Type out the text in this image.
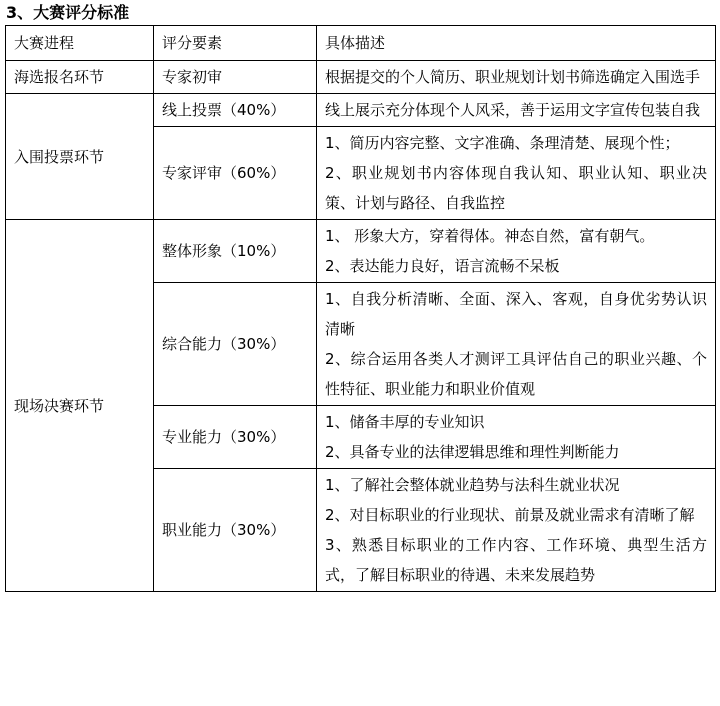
3、大赛评分标准
大赛进程	评分要素	具体描述
海选报名环节	专家初审	根据提交的个人简历、职业规划计划书筛选确定入围选手

入围投票环节	线上投票（40%）	线上展示充分体现个人风采，善于运用文字宣传包装自我

	专家评审（60%）	1、简历内容完整、文字准确、条理清楚、展现个性；

2、职业规划书内容体现自我认知、职业认知、职业决策、计划与路径、自我监控

现场决赛环节	整体形象（10%）	1、 形象大方，穿着得体。神态自然，富有朝气。

2、表达能力良好，语言流畅不呆板

	综合能力（30%）	1、自我分析清晰、全面、深入、客观，自身优劣势认识清晰

2、综合运用各类人才测评工具评估自己的职业兴趣、个性特征、职业能力和职业价值观

	专业能力（30%）	1、储备丰厚的专业知识

2、具备专业的法律逻辑思维和理性判断能力

	职业能力（30%）	1、了解社会整体就业趋势与法科生就业状况

2、对目标职业的行业现状、前景及就业需求有清晰了解

3、熟悉目标职业的工作内容、工作环境、典型生活方式，了解目标职业的待遇、未来发展趋势
